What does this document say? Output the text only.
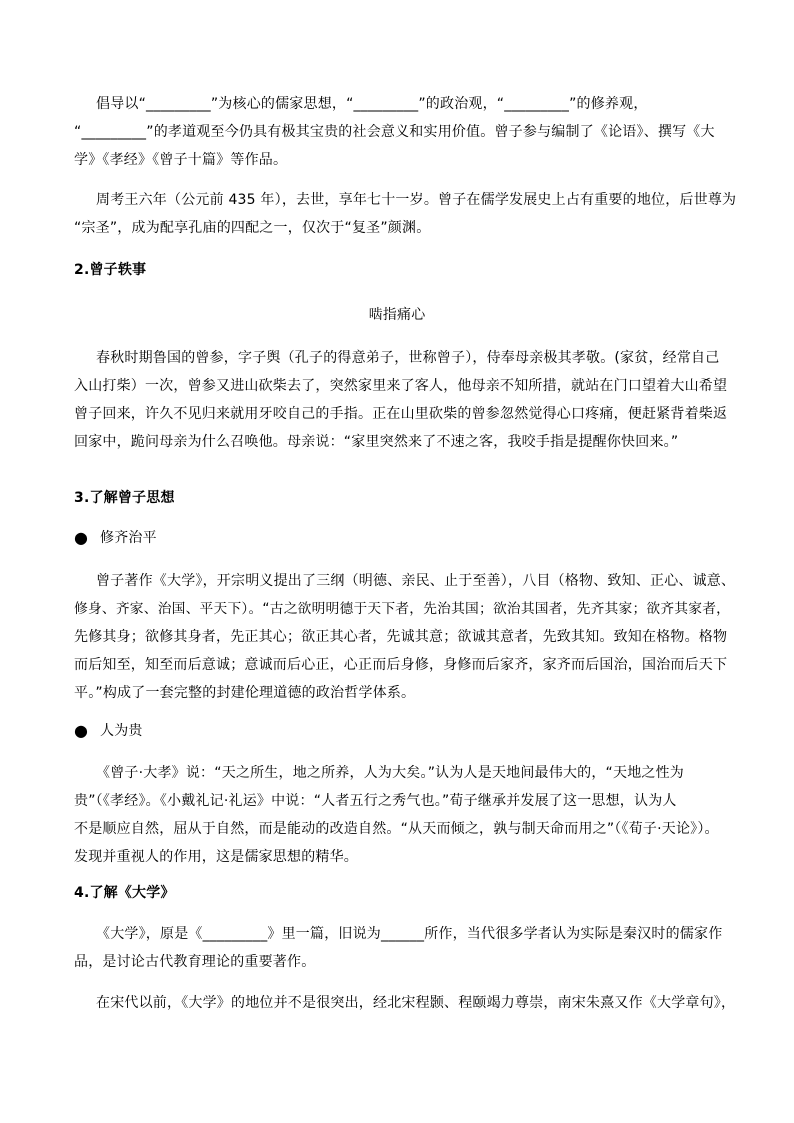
倡导以“_________”为核心的儒家思想，“_________”的政治观，“_________”的修养观，
“_________”的孝道观至今仍具有极其宝贵的社会意义和实用价值。曾子参与编制了《论语》、撰写《大
学》《孝经》《曾子十篇》等作品。
周考王六年（公元前 435 年），去世，享年七十一岁。曾子在儒学发展史上占有重要的地位，后世尊为
“宗圣”，成为配享孔庙的四配之一，仅次于“复圣”颜渊。
2.曾子轶事
啮指痛心
春秋时期鲁国的曾参，字子舆（孔子的得意弟子，世称曾子），侍奉母亲极其孝敬。(家贫，经常自己
入山打柴）一次，曾参又进山砍柴去了，突然家里来了客人，他母亲不知所措，就站在门口望着大山希望
曾子回来，许久不见归来就用牙咬自己的手指。正在山里砍柴的曾参忽然觉得心口疼痛，便赶紧背着柴返
回家中，跪问母亲为什么召唤他。母亲说：“家里突然来了不速之客，我咬手指是提醒你快回来。”
3.了解曾子思想
● 修齐治平
曾子著作《大学》，开宗明义提出了三纲（明德、亲民、止于至善），八目（格物、致知、正心、诚意、
修身、齐家、治国、平天下）。“古之欲明明德于天下者，先治其国；欲治其国者，先齐其家；欲齐其家者，
先修其身；欲修其身者，先正其心；欲正其心者，先诚其意；欲诚其意者，先致其知。致知在格物。格物
而后知至，知至而后意诚；意诚而后心正，心正而后身修，身修而后家齐，家齐而后国治，国治而后天下
平。”构成了一套完整的封建伦理道德的政治哲学体系。
● 人为贵
《曾子·大孝》说：“天之所生，地之所养，人为大矣。”认为人是天地间最伟大的，“天地之性为
贵”（《孝经》。《小戴礼记·礼运》中说：“人者五行之秀气也。”荀子继承并发展了这一思想，认为人
不是顺应自然，屈从于自然，而是能动的改造自然。“从天而倾之，孰与制天命而用之”（《荀子·天论》）。
发现并重视人的作用，这是儒家思想的精华。
4.了解《大学》
《大学》，原是《_________》里一篇，旧说为______所作，当代很多学者认为实际是秦汉时的儒家作
品，是讨论古代教育理论的重要著作。
在宋代以前，《大学》的地位并不是很突出，经北宋程颢、程颐竭力尊崇，南宋朱熹又作《大学章句》，
